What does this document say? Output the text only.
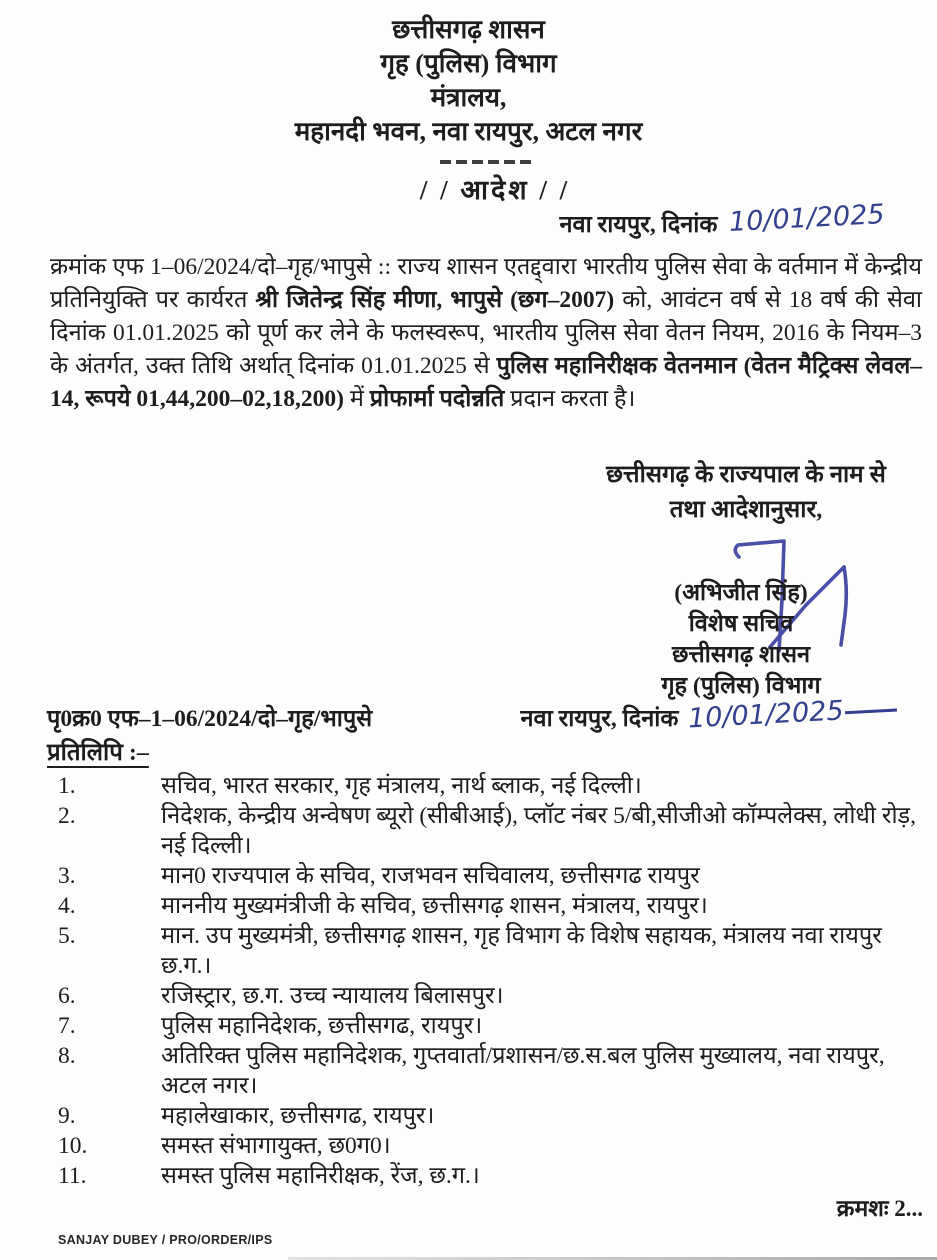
छत्तीसगढ़ शासन
गृह (पुलिस) विभाग
मंत्रालय,
महानदी भवन, नवा रायपुर, अटल नगर
/ / आदेश / /
नवा रायपुर, दिनांक 10/01/2025

क्रमांक एफ 1–06/2024/दो–गृह/भापुसे :: राज्य शासन एतद्द्वारा भारतीय पुलिस सेवा के वर्तमान में केन्द्रीय प्रतिनियुक्ति पर कार्यरत श्री जितेन्द्र सिंह मीणा, भापुसे (छग–2007) को, आवंटन वर्ष से 18 वर्ष की सेवा दिनांक 01.01.2025 को पूर्ण कर लेने के फलस्वरूप, भारतीय पुलिस सेवा वेतन नियम, 2016 के नियम–3 के अंतर्गत, उक्त तिथि अर्थात् दिनांक 01.01.2025 से पुलिस महानिरीक्षक वेतनमान (वेतन मैट्रिक्स लेवल–14, रूपये 01,44,200–02,18,200) में प्रोफार्मा पदोन्नति प्रदान करता है।

छत्तीसगढ़ के राज्यपाल के नाम से
तथा आदेशानुसार,
(अभिजीत सिंह)
विशेष सचिव
छत्तीसगढ़ शासन
गृह (पुलिस) विभाग
पृ0क्र0 एफ–1–06/2024/दो–गृह/भापुसे	नवा रायपुर, दिनांक 10/01/2025
प्रतिलिपि :–
1.	सचिव, भारत सरकार, गृह मंत्रालय, नार्थ ब्लाक, नई दिल्ली।
2.	निदेशक, केन्द्रीय अन्वेषण ब्यूरो (सीबीआई), प्लॉट नंबर 5/बी,सीजीओ कॉम्पलेक्स, लोधी रोड़, नई दिल्ली।
3.	मान0 राज्यपाल के सचिव, राजभवन सचिवालय, छत्तीसगढ रायपुर
4.	माननीय मुख्यमंत्रीजी के सचिव, छत्तीसगढ़ शासन, मंत्रालय, रायपुर।
5.	मान. उप मुख्यमंत्री, छत्तीसगढ़ शासन, गृह विभाग के विशेष सहायक, मंत्रालय नवा रायपुर छ.ग.।
6.	रजिस्ट्रार, छ.ग. उच्च न्यायालय बिलासपुर।
7.	पुलिस महानिदेशक, छत्तीसगढ, रायपुर।
8.	अतिरिक्त पुलिस महानिदेशक, गुप्तवार्ता/प्रशासन/छ.स.बल पुलिस मुख्यालय, नवा रायपुर, अटल नगर।
9.	महालेखाकार, छत्तीसगढ, रायपुर।
10.	समस्त संभागायुक्त, छ0ग0।
11.	समस्त पुलिस महानिरीक्षक, रेंज, छ.ग.।
क्रमशः 2...
SANJAY DUBEY / PRO/ORDER/IPS
